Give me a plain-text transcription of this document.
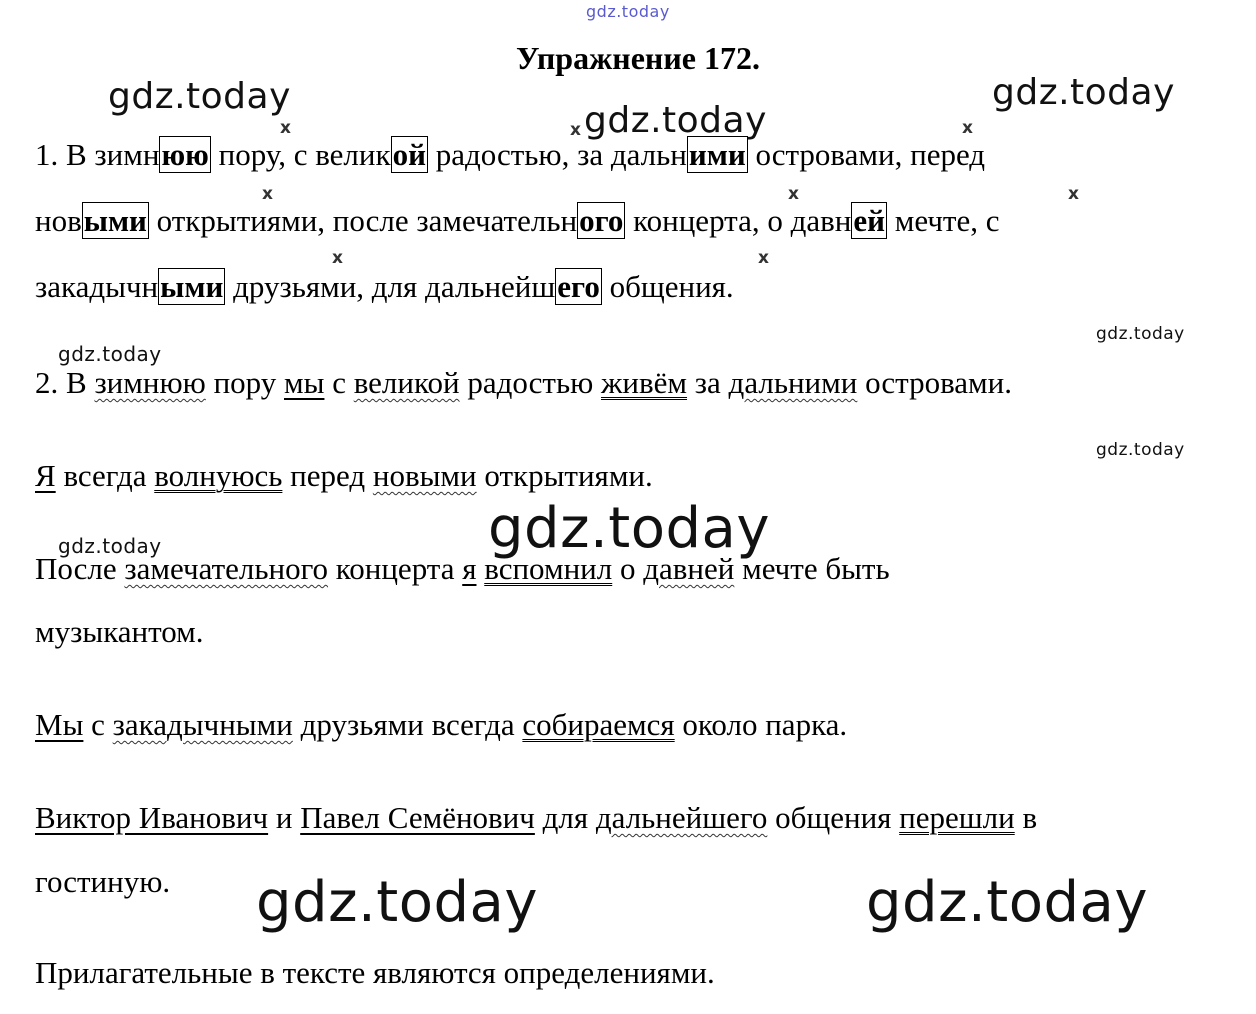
gdz.today
gdz.today
gdz.today
gdz.today
gdz.today
gdz.today
gdz.today
gdz.today
gdz.today
gdz.today	gdz.today
Упражнение 172.
x	x	x
x	x	x
x	x
1. В зимнюю пору, с великой радостью, за дальними островами, перед
новыми открытиями, после замечательного концерта, о давней мечте, с
закадычными друзьями, для дальнейшего общения.
2. В зимнюю пору мы с великой радостью живём за дальними островами.
Я всегда волнуюсь перед новыми открытиями.
После замечательного концерта я вспомнил о давней мечте быть
музыкантом.
Мы с закадычными друзьями всегда собираемся около парка.
Виктор Иванович и Павел Семёнович для дальнейшего общения перешли в
гостиную.
Прилагательные в тексте являются определениями.
